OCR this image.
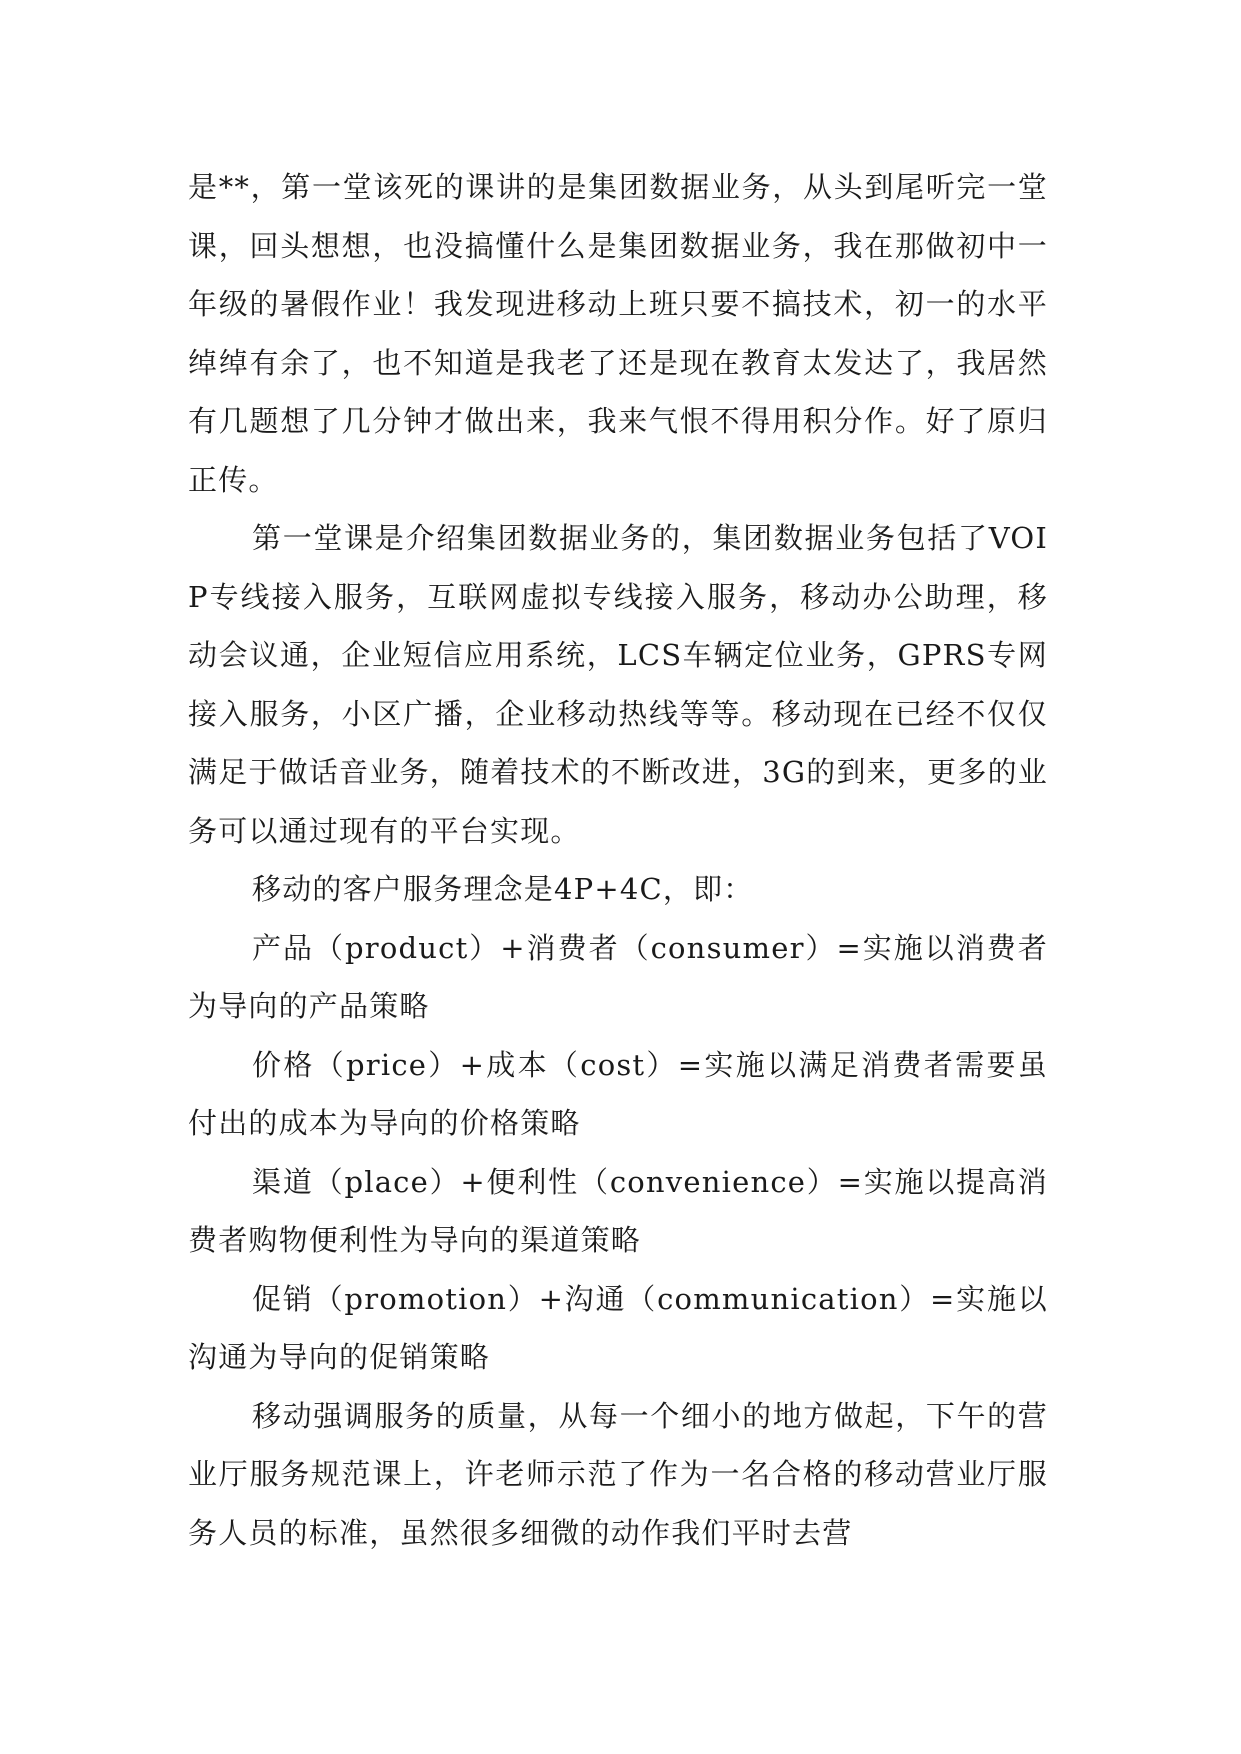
是**，第一堂该死的课讲的是集团数据业务，从头到尾听完一堂课，回头想想，也没搞懂什么是集团数据业务，我在那做初中一年级的暑假作业！我发现进移动上班只要不搞技术，初一的水平绰绰有余了，也不知道是我老了还是现在教育太发达了，我居然有几题想了几分钟才做出来，我来气恨不得用积分作。好了原归正传。

第一堂课是介绍集团数据业务的，集团数据业务包括了VOIP专线接入服务，互联网虚拟专线接入服务，移动办公助理，移动会议通，企业短信应用系统，LCS车辆定位业务，GPRS专网接入服务，小区广播，企业移动热线等等。移动现在已经不仅仅满足于做话音业务，随着技术的不断改进，3G的到来，更多的业务可以通过现有的平台实现。

移动的客户服务理念是4P+4C，即：

产品（product）+消费者（consumer）=实施以消费者为导向的产品策略

价格（price）+成本（cost）=实施以满足消费者需要虽付出的成本为导向的价格策略

渠道（place）+便利性（convenience）=实施以提高消费者购物便利性为导向的渠道策略

促销（promotion）+沟通（communication）=实施以沟通为导向的促销策略

移动强调服务的质量，从每一个细小的地方做起，下午的营业厅服务规范课上，许老师示范了作为一名合格的移动营业厅服务人员的标准，虽然很多细微的动作我们平时去营
